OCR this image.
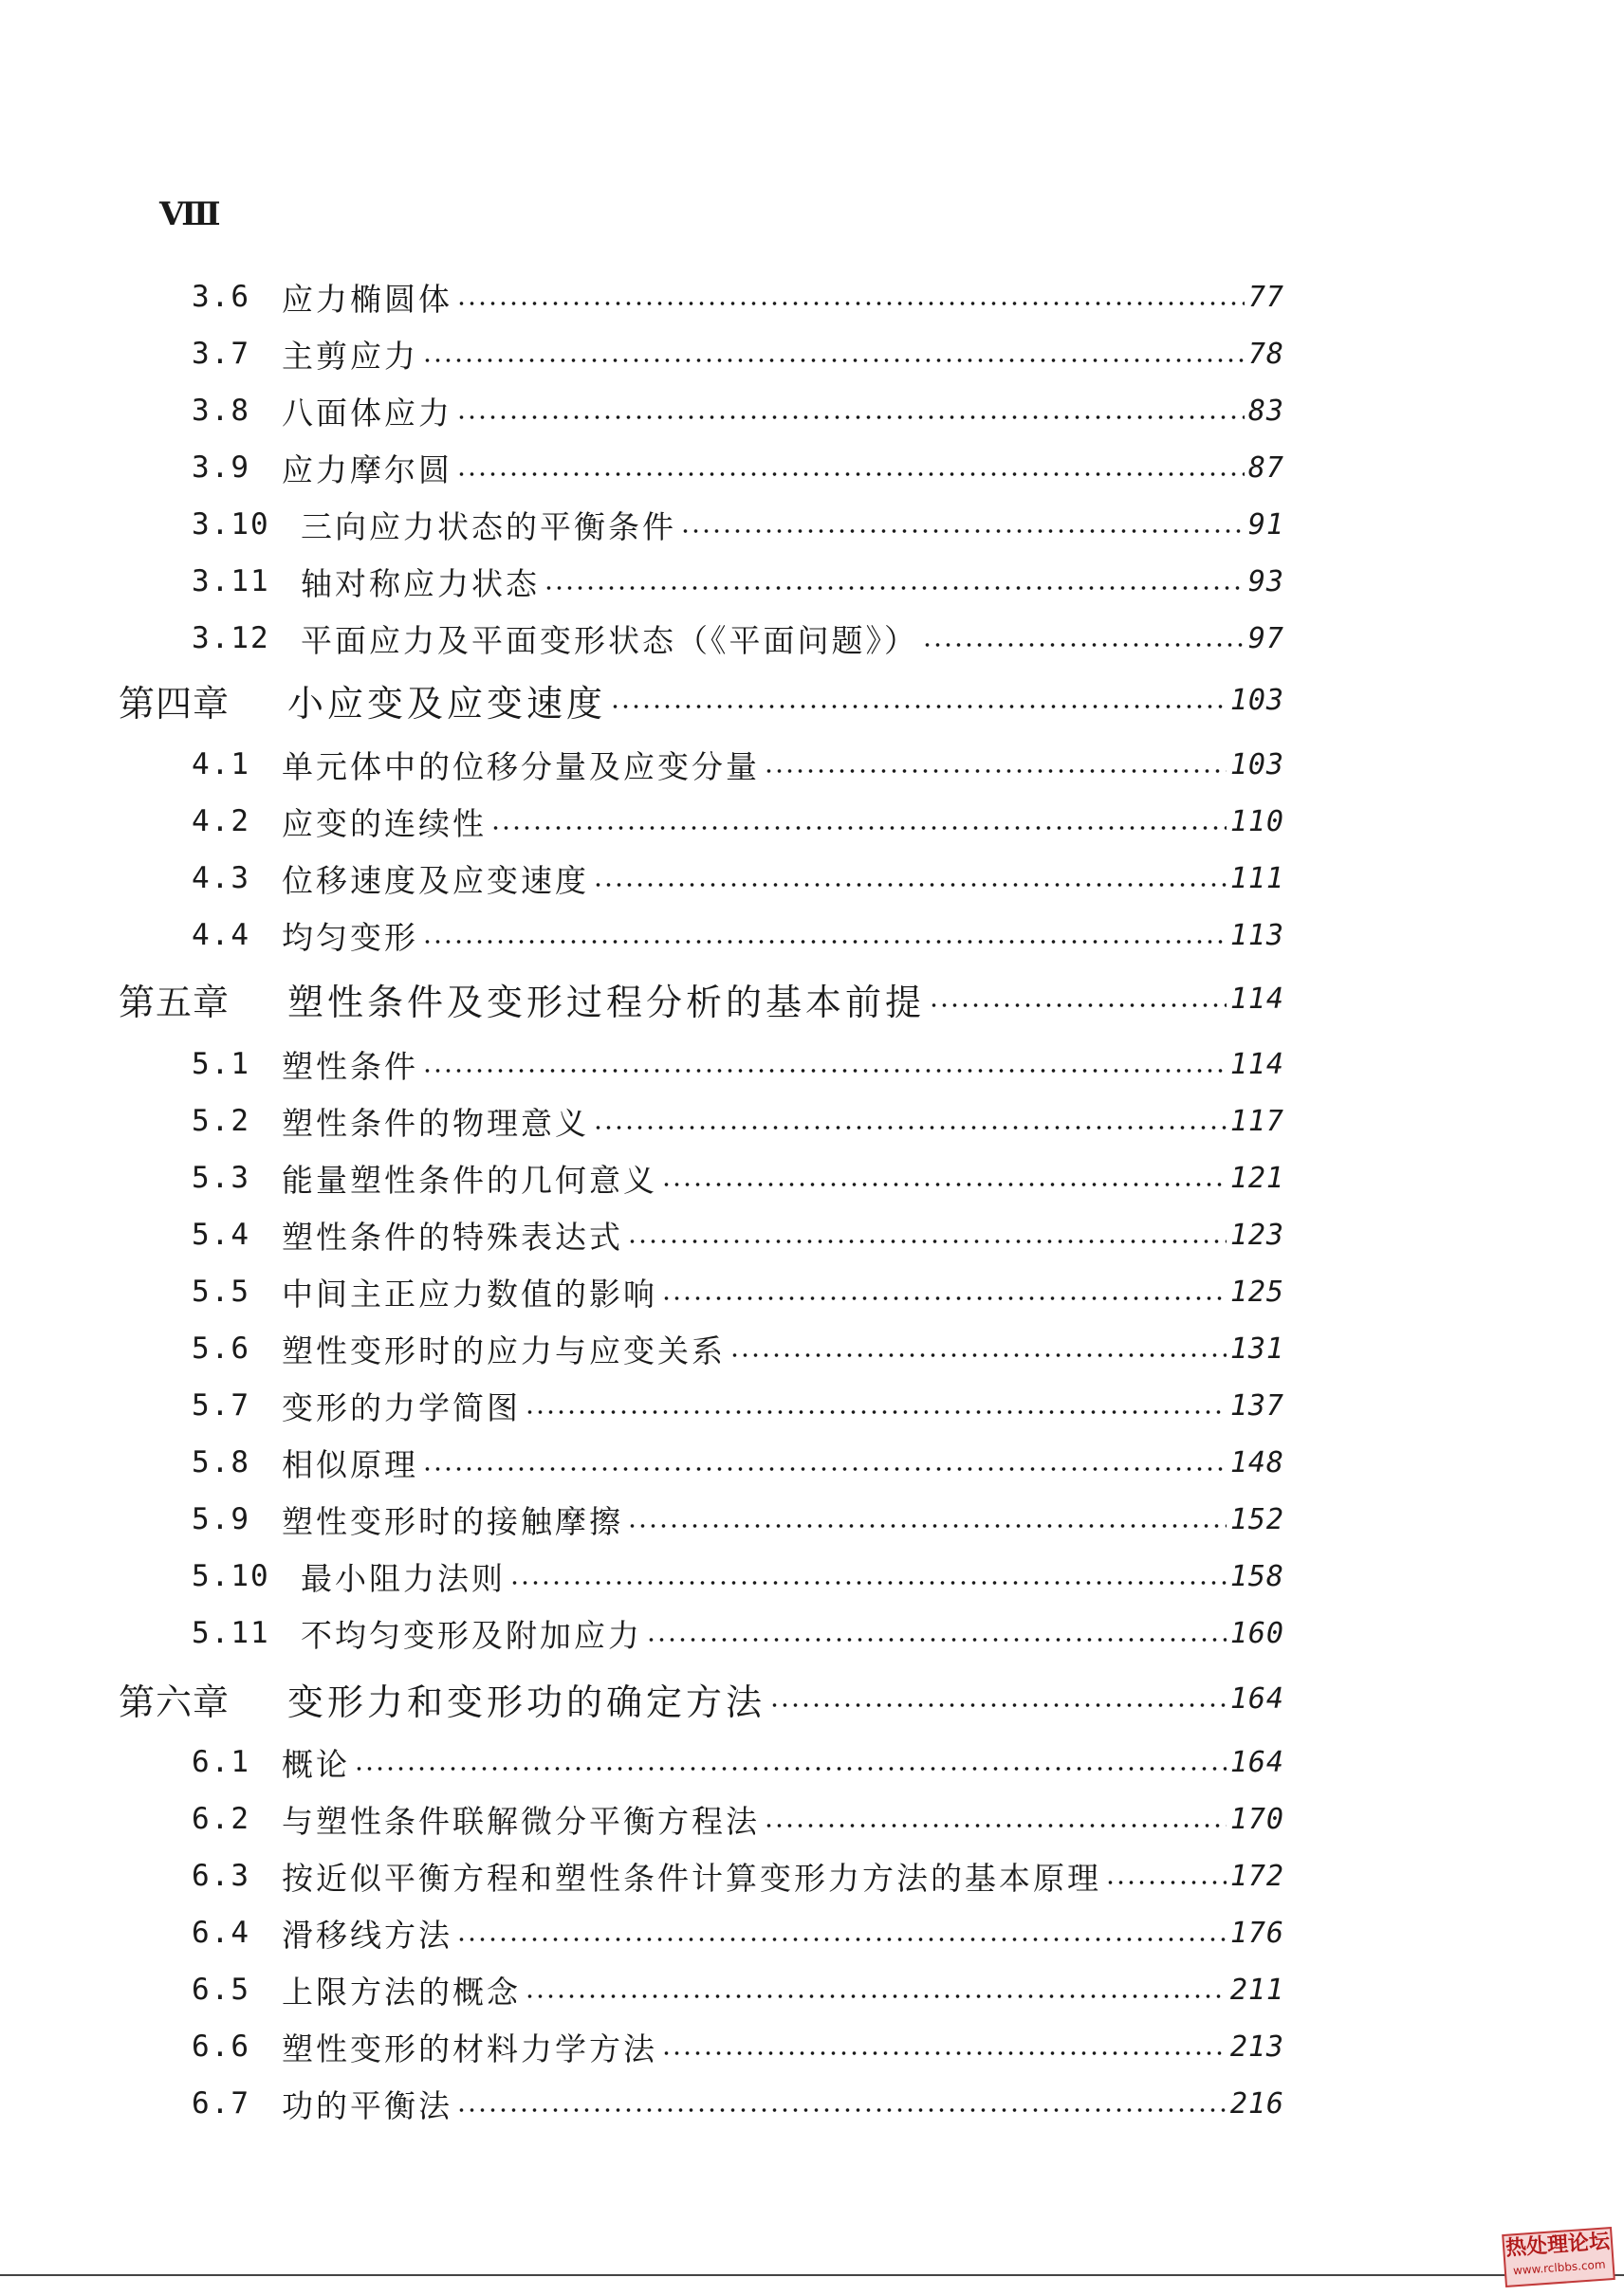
Ⅷ
3.6	应力椭圆体	77
3.7	主剪应力	78
3.8	八面体应力	83
3.9	应力摩尔圆	87
3.10 三向应力状态的平衡条件	91
3.11 轴对称应力状态	93
3.12 平面应力及平面变形状态（《平面问题》）	97
第四章	小应变及应变速度	103
4.1	单元体中的位移分量及应变分量	103
4.2	应变的连续性	110
4.3	位移速度及应变速度	111
4.4	均匀变形	113
第五章	塑性条件及变形过程分析的基本前提	114
5.1	塑性条件	114
5.2	塑性条件的物理意义	117
5.3	能量塑性条件的几何意义	121
5.4	塑性条件的特殊表达式	123
5.5	中间主正应力数值的影响	125
5.6	塑性变形时的应力与应变关系	131
5.7	变形的力学简图	137
5.8	相似原理	148
5.9	塑性变形时的接触摩擦	152
5.10 最小阻力法则	158
5.11 不均匀变形及附加应力	160
第六章	变形力和变形功的确定方法	164
6.1	概论	164
6.2	与塑性条件联解微分平衡方程法	170
6.3	按近似平衡方程和塑性条件计算变形力方法的基本原理	172
6.4	滑移线方法	176
6.5	上限方法的概念	211
6.6	塑性变形的材料力学方法	213
6.7	功的平衡法	216
热处理论坛
www.rclbbs.com
